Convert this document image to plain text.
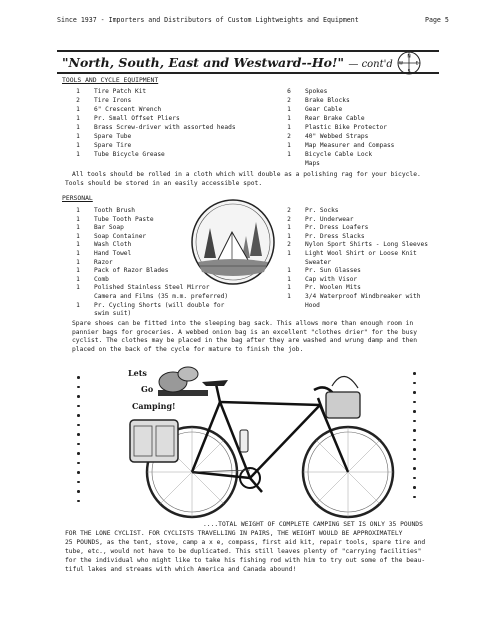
Since 1937 - Importers and Distributors of Custom Lightweights and Equipment	Page 5
"North, South, East and Westward--Ho!" — cont'd
N
E
S
W
TOOLS AND CYCLE EQUIPMENT
1 Tire Patch Kit
2 Tire Irons
1 6" Crescent Wrench
1 Pr. Small Offset Pliers
1 Brass Screw-driver with assorted heads
1 Spare Tube
1 Spare Tire
1 Tube Bicycle Grease
6 Spokes
2 Brake Blocks
1 Gear Cable
1 Rear Brake Cable
1 Plastic Bike Protector
2 40" Webbed Straps
1 Map Measurer and Compass
1 Bicycle Cable Lock
Maps
All tools should be rolled in a cloth which will double as a polishing rag for your bicycle.
Tools should be stored in an easily accessible spot.
PERSONAL
1 Tooth Brush
1 Tube Tooth Paste
1 Bar Soap
1 Soap Container
1 Wash Cloth
1 Hand Towel
1 Razor
1 Pack of Razor Blades
1 Comb
1 Polished Stainless Steel Mirror
Camera and Films (35 m.m. preferred)
1 Pr. Cycling Shorts (will double for
swim suit)
2 Pr. Socks
2 Pr. Underwear
1 Pr. Dress Loafers
1 Pr. Dress Slacks
2 Nylon Sport Shirts - Long Sleeves
1 Light Wool Shirt or Loose Knit
Sweater
1 Pr. Sun Glasses
1 Cap with Visor
1 Pr. Woolen Mits
1 3/4 Waterproof Windbreaker with
Hood
Spare shoes can be fitted into the sleeping bag sack. This allows more than enough room in
pannier bags for groceries. A webbed onion bag is an excellent "clothes drier" for the busy
cyclist. The clothes may be placed in the bag after they are washed and wrung damp and then
placed on the back of the cycle for mature to finish the job.
Lets
Go
Camping!
....TOTAL WEIGHT OF COMPLETE CAMPING SET IS ONLY 35 POUNDS
FOR THE LONE CYCLIST. FOR CYCLISTS TRAVELLING IN PAIRS, THE WEIGHT WOULD BE APPROXIMATELY
25 POUNDS, as the tent, stove, camp a x e, compass, first aid kit, repair tools, spare tire and
tube, etc., would not have to be duplicated. This still leaves plenty of "carrying facilities"
for the individual who might like to take his fishing rod with him to try out some of the beau-
tiful lakes and streams with which America and Canada abound!
